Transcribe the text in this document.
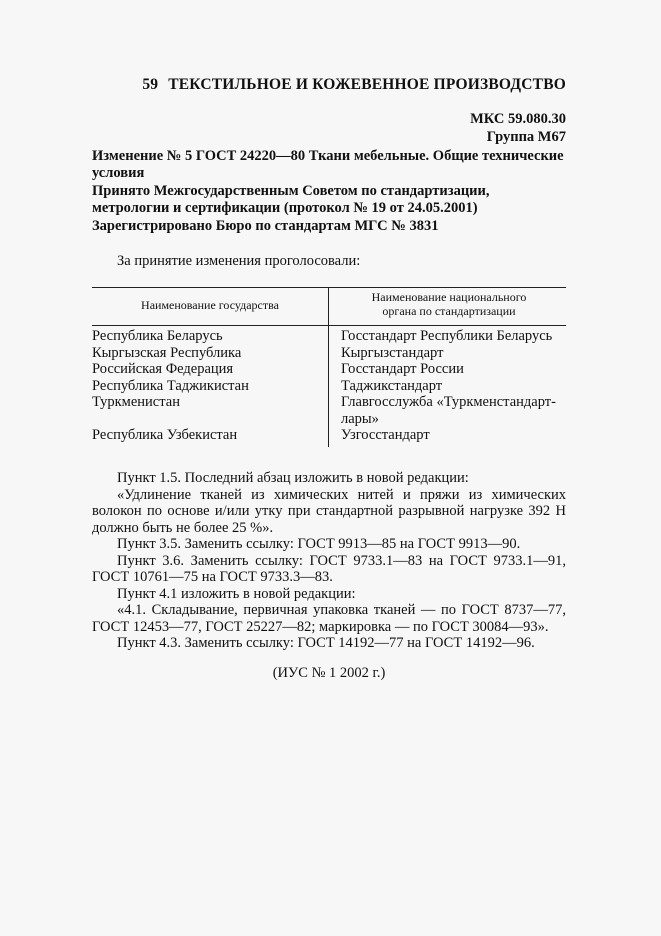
59 ТЕКСТИЛЬНОЕ И КОЖЕВЕННОЕ ПРОИЗВОДСТВО
МКС 59.080.30
Группа М67
Изменение № 5 ГОСТ 24220—80 Ткани мебельные. Общие технические условия
Принято Межгосударственным Советом по стандартизации, метрологии и сертификации (протокол № 19 от 24.05.2001)
Зарегистрировано Бюро по стандартам МГС № 3831
За принятие изменения проголосовали:
Наименование государства
Наименование национального
органа по стандартизации
Республика Беларусь
Кыргызская Республика
Российская Федерация
Республика Таджикистан
Туркменистан

Республика Узбекистан
Госстандарт Республики Беларусь
Кыргызстандарт
Госстандарт России
Таджикстандарт
Главгосслужба «Туркменстандарт-
лары»
Узгосстандарт

Пункт 1.5. Последний абзац изложить в новой редакции:

«Удлинение тканей из химических нитей и пряжи из химических волокон по основе и/или утку при стандартной разрывной нагрузке 392 Н должно быть не более 25 %».

Пункт 3.5. Заменить ссылку: ГОСТ 9913—85 на ГОСТ 9913—90.

Пункт 3.6. Заменить ссылку: ГОСТ 9733.1—83 на ГОСТ 9733.1—91, ГОСТ 10761—75 на ГОСТ 9733.3—83.

Пункт 4.1 изложить в новой редакции:

«4.1. Складывание, первичная упаковка тканей — по ГОСТ 8737—77, ГОСТ 12453—77, ГОСТ 25227—82; маркировка — по ГОСТ 30084—93».

Пункт 4.3. Заменить ссылку: ГОСТ 14192—77 на ГОСТ 14192—96.

(ИУС № 1 2002 г.)
